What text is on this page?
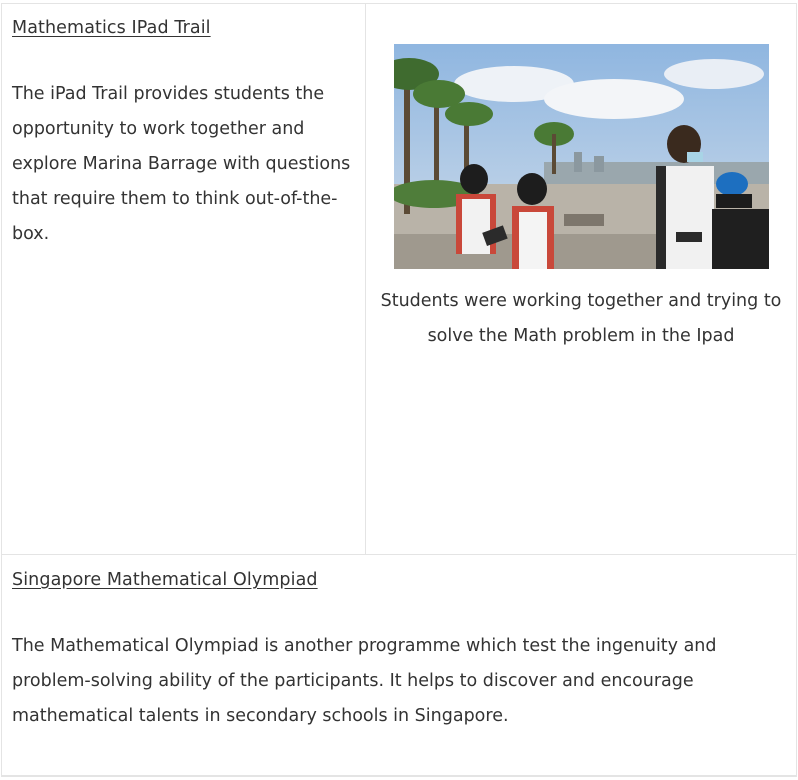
Mathematics IPad Trail
The iPad Trail provides students the opportunity to work together and explore Marina Barrage with questions that require them to think out-of-the-box.
Students were working together and trying to solve the Math problem in the Ipad
Singapore Mathematical Olympiad
The Mathematical Olympiad is another programme which test the ingenuity and problem-solving ability of the participants. It helps to discover and encourage mathematical talents in secondary schools in Singapore.
